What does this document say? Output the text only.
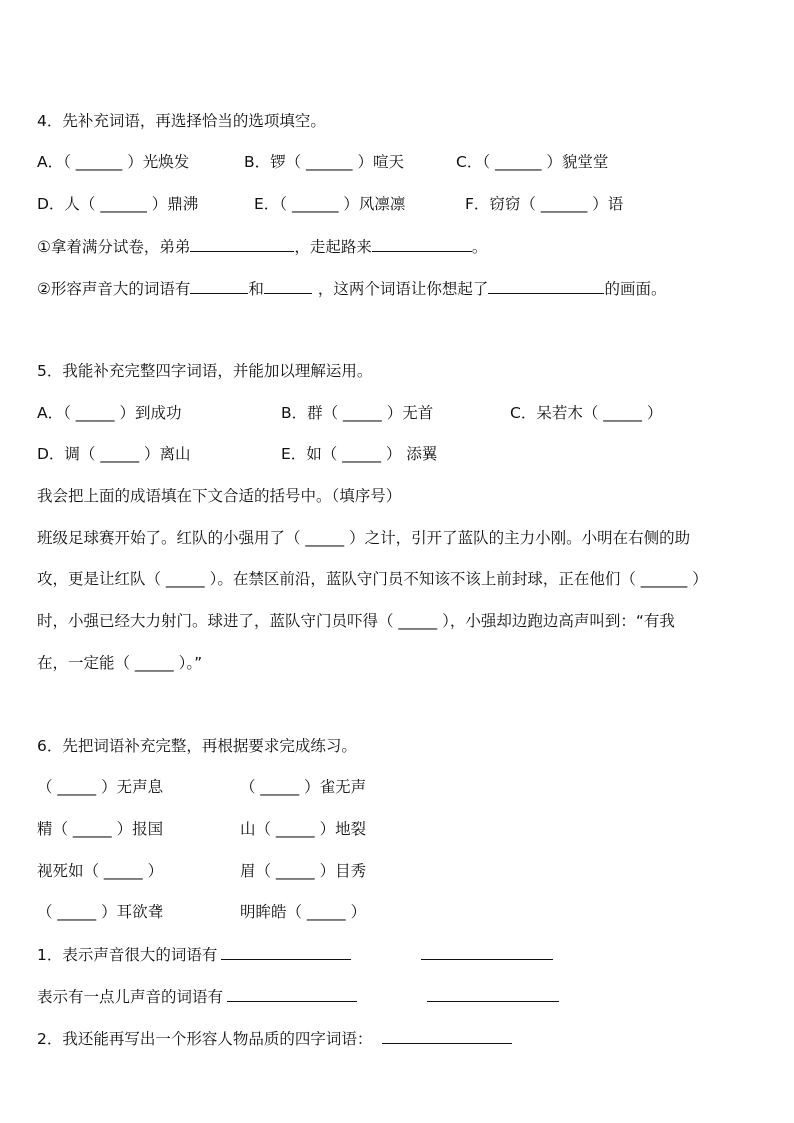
4．先补充词语，再选择恰当的选项填空。
A．（ ______ ）光焕发	B．锣（ ______ ）喧天	C．（ ______ ）貌堂堂
D．人（ ______ ）鼎沸	E．（ ______ ）风凛凛	F．窃窃（ ______ ）语
①拿着满分试卷，弟弟	，走起路来	。
②形容声音大的词语有	和	，这两个词语让你想起了	的画面。
5．我能补充完整四字词语，并能加以理解运用。
A．（ _____ ）到成功	B．群（ _____ ）无首	C．呆若木（ _____ ）
D．调（ _____ ）离山	E．如（ _____ ） 添翼
我会把上面的成语填在下文合适的括号中。（填序号）
班级足球赛开始了。红队的小强用了（ _____ ）之计，引开了蓝队的主力小刚。小明在右侧的助
攻，更是让红队（ _____ ）。在禁区前沿，蓝队守门员不知该不该上前封球，正在他们（ ______ ）
时，小强已经大力射门。球进了，蓝队守门员吓得（ _____ ），小强却边跑边高声叫到：“有我
在，一定能（ _____ ）。”
6．先把词语补充完整，再根据要求完成练习。
（ _____ ）无声息	（ _____ ）雀无声
精（ _____ ）报国	山（ _____ ）地裂
视死如（ _____ ）	眉（ _____ ）目秀
（ _____ ）耳欲聋	明眸皓（ _____ ）
1．表示声音很大的词语有
表示有一点儿声音的词语有
2．我还能再写出一个形容人物品质的四字词语：
